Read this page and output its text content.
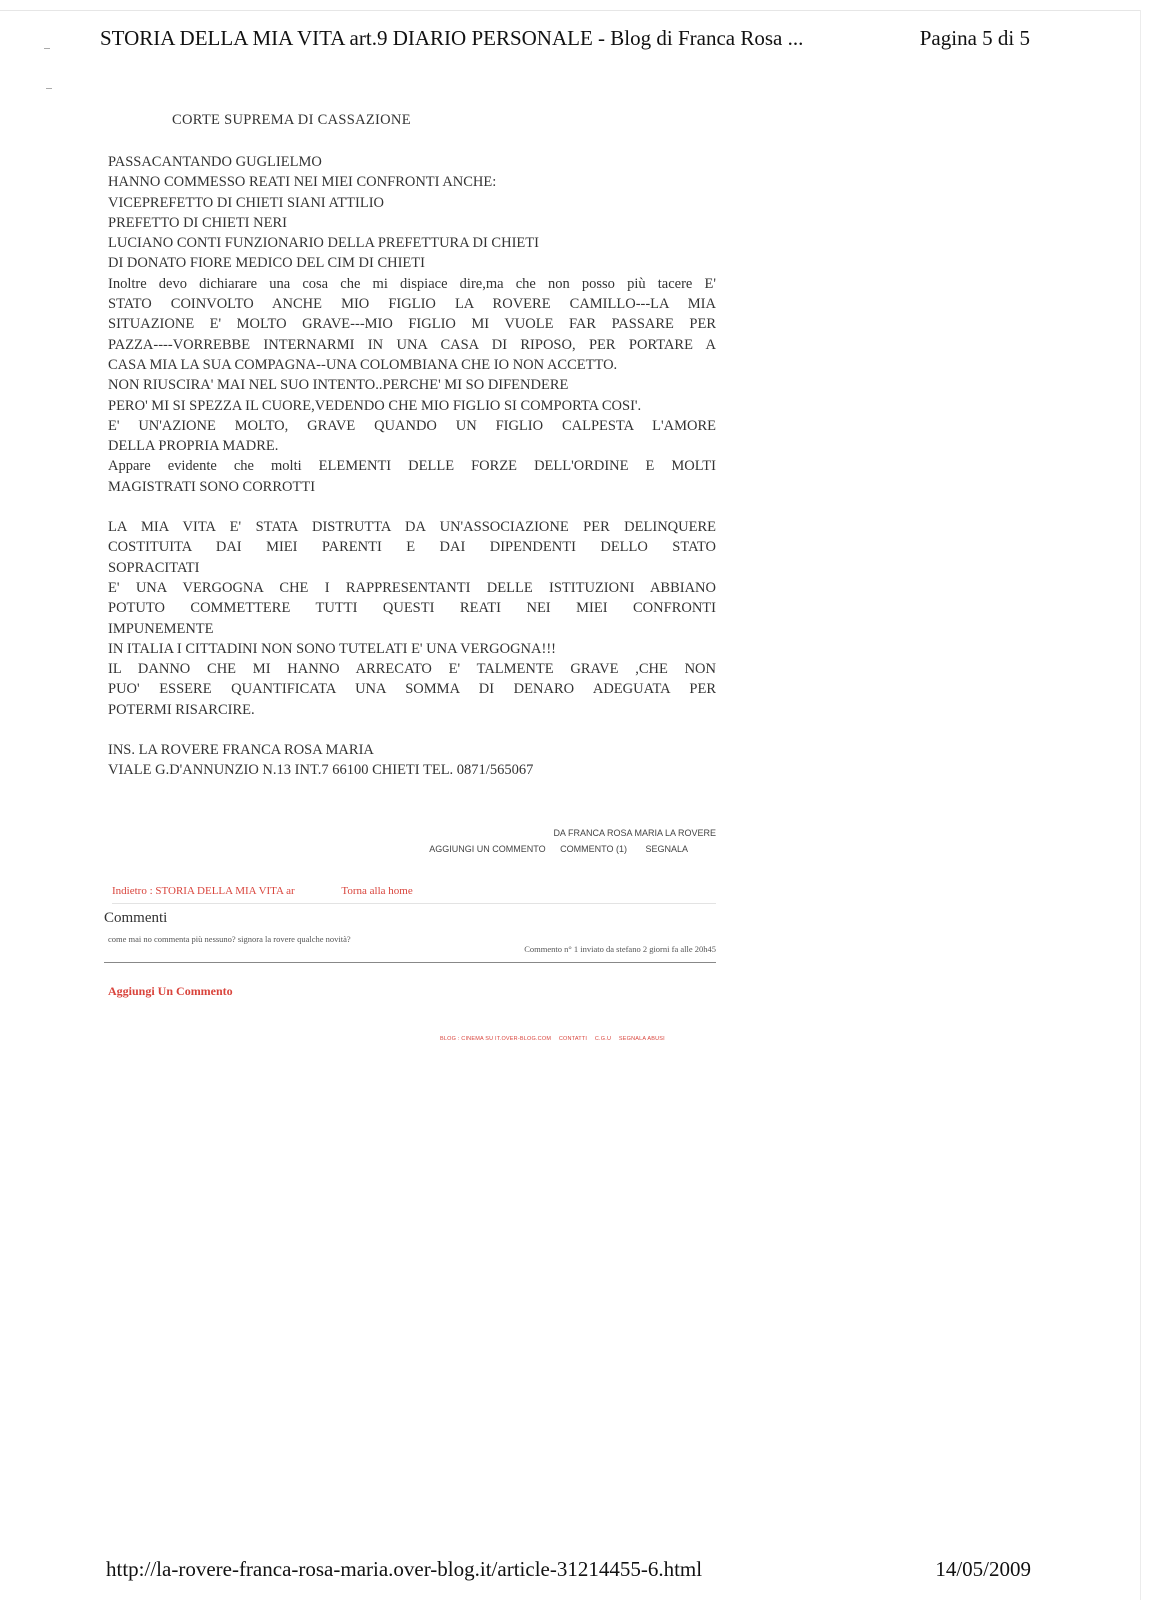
STORIA DELLA MIA VITA art.9 DIARIO PERSONALE - Blog di Franca Rosa ...	Pagina 5 di 5
CORTE SUPREMA DI CASSAZIONE
PASSACANTANDO GUGLIELMO
HANNO COMMESSO REATI NEI MIEI CONFRONTI ANCHE:
VICEPREFETTO DI CHIETI SIANI ATTILIO
PREFETTO DI CHIETI NERI
LUCIANO CONTI FUNZIONARIO DELLA PREFETTURA DI CHIETI
DI DONATO FIORE MEDICO DEL CIM DI CHIETI
Inoltre devo dichiarare una cosa che mi dispiace dire,ma che non posso più tacere E'
STATO COINVOLTO ANCHE MIO FIGLIO LA ROVERE CAMILLO---LA MIA
SITUAZIONE E' MOLTO GRAVE---MIO FIGLIO MI VUOLE FAR PASSARE PER
PAZZA----VORREBBE INTERNARMI IN UNA CASA DI RIPOSO, PER PORTARE A
CASA MIA LA SUA COMPAGNA--UNA COLOMBIANA CHE IO NON ACCETTO.
NON RIUSCIRA' MAI NEL SUO INTENTO..PERCHE' MI SO DIFENDERE
PERO' MI SI SPEZZA IL CUORE,VEDENDO CHE MIO FIGLIO SI COMPORTA COSI'.
E' UN'AZIONE MOLTO, GRAVE QUANDO UN FIGLIO CALPESTA L'AMORE
DELLA PROPRIA MADRE.
Appare evidente che molti ELEMENTI DELLE FORZE DELL'ORDINE E MOLTI
MAGISTRATI SONO CORROTTI
LA MIA VITA E' STATA DISTRUTTA DA UN'ASSOCIAZIONE PER DELINQUERE
COSTITUITA DAI MIEI PARENTI E DAI DIPENDENTI DELLO STATO
SOPRACITATI
E' UNA VERGOGNA CHE I RAPPRESENTANTI DELLE ISTITUZIONI ABBIANO
POTUTO COMMETTERE TUTTI QUESTI REATI NEI MIEI CONFRONTI
IMPUNEMENTE
IN ITALIA I CITTADINI NON SONO TUTELATI E' UNA VERGOGNA!!!
IL DANNO CHE MI HANNO ARRECATO E' TALMENTE GRAVE ,CHE NON
PUO' ESSERE QUANTIFICATA UNA SOMMA DI DENARO ADEGUATA PER
POTERMI RISARCIRE.
INS. LA ROVERE FRANCA ROSA MARIA
VIALE G.D'ANNUNZIO N.13 INT.7 66100 CHIETI TEL. 0871/565067
DA FRANCA ROSA MARIA LA ROVERE
AGGIUNGI UN COMMENTO COMMENTO (1) SEGNALA
Indietro : STORIA DELLA MIA VITA ar	Torna alla home
Commenti
come mai no commenta più nessuno? signora la rovere qualche novità?
Commento n° 1 inviato da stefano 2 giorni fa alle 20h45
Aggiungi Un Commento
BLOG : CINEMA SU IT.OVER-BLOG.COM CONTATTI C.G.U SEGNALA ABUSI
http://la-rovere-franca-rosa-maria.over-blog.it/article-31214455-6.html	14/05/2009
